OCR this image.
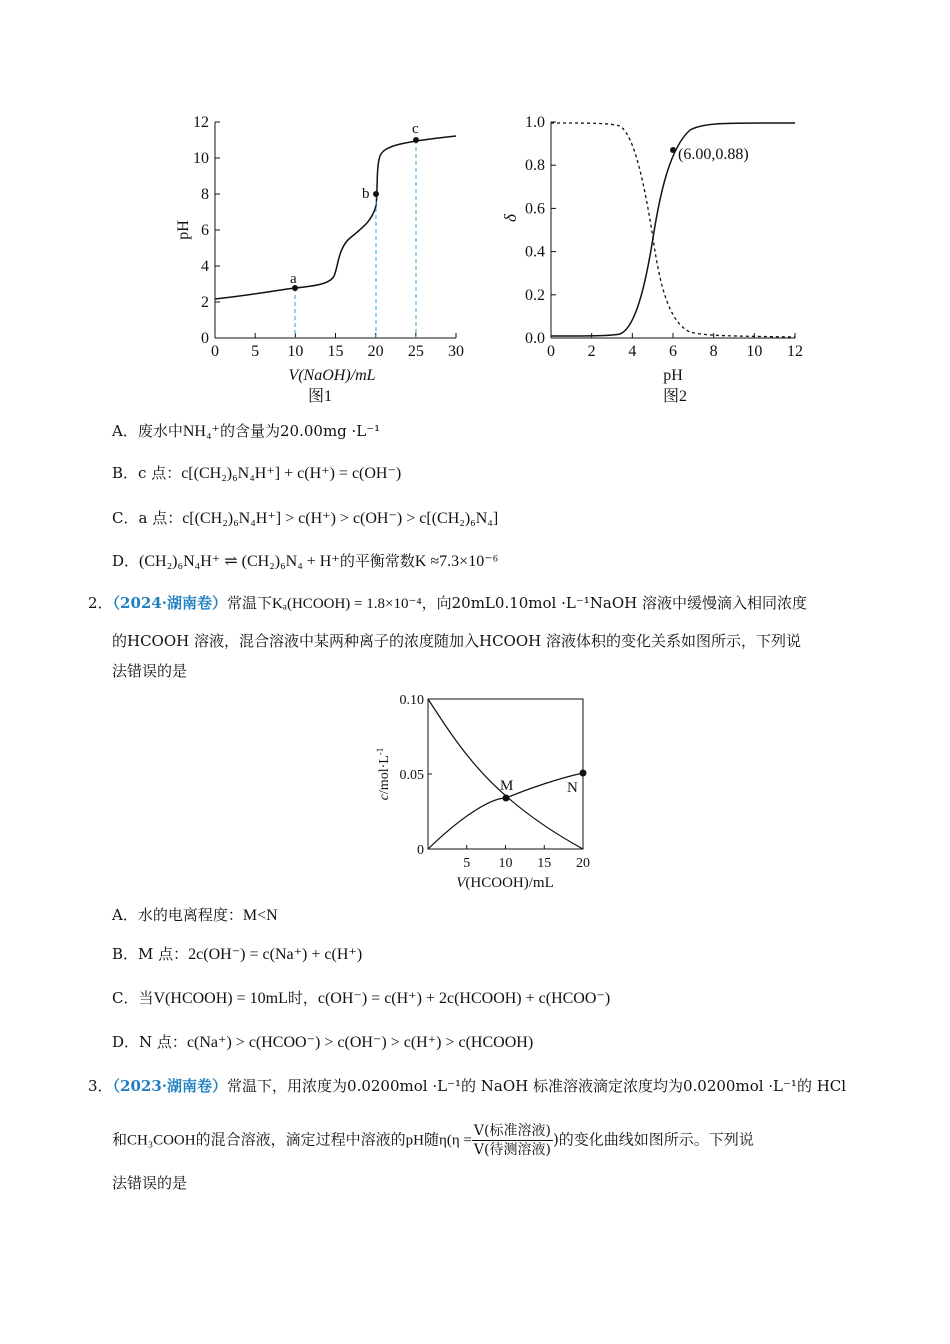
0 5 10 15 20 25 30
0
2
4
6
8
10
12
a
b
c
pH
V(NaOH)/mL
图1
0 2 4 6 8 10 12
0.0
0.2
0.4
0.6
0.8
1.0
(6.00,0.88)
δ
pH
图2
A．废水中NH₄⁺的含量为20.00mg ·L⁻¹
B．c 点：c[(CH₂)₆N₄H⁺] + c(H⁺) = c(OH⁻)
C．a 点：c[(CH₂)₆N₄H⁺] > c(H⁺) > c(OH⁻) > c[(CH₂)₆N₄]
D．(CH₂)₆N₄H⁺ ⇌ (CH₂)₆N₄ + H⁺的平衡常数K ≈7.3×10⁻⁶
2．（2024·湖南卷）常温下Kₐ(HCOOH) = 1.8×10⁻⁴，向20mL0.10mol ·L⁻¹NaOH 溶液中缓慢滴入相同浓度
的HCOOH 溶液，混合溶液中某两种离子的浓度随加入HCOOH 溶液体积的变化关系如图所示，下列说
法错误的是
5 10 15 20
0
0.05
0.10
M	N
$c/mol\cdot L^{-1}$
V(HCOOH)/mL
A．水的电离程度：M<N
B．M 点：2c(OH⁻) = c(Na⁺) + c(H⁺)
C．当V(HCOOH) = 10mL时，c(OH⁻) = c(H⁺) + 2c(HCOOH) + c(HCOO⁻)
D．N 点：c(Na⁺) > c(HCOO⁻) > c(OH⁻) > c(H⁺) > c(HCOOH)
3．（2023·湖南卷）常温下，用浓度为0.0200mol ·L⁻¹的 NaOH 标准溶液滴定浓度均为0.0200mol ·L⁻¹的 HCl
和CH₃COOH的混合溶液，滴定过程中溶液的pH随$\eta(\eta = \frac{\text{V(标准溶液)}}{\text{V(待测溶液)}}$ )的变化曲线如图所示。下列说
法错误的是
